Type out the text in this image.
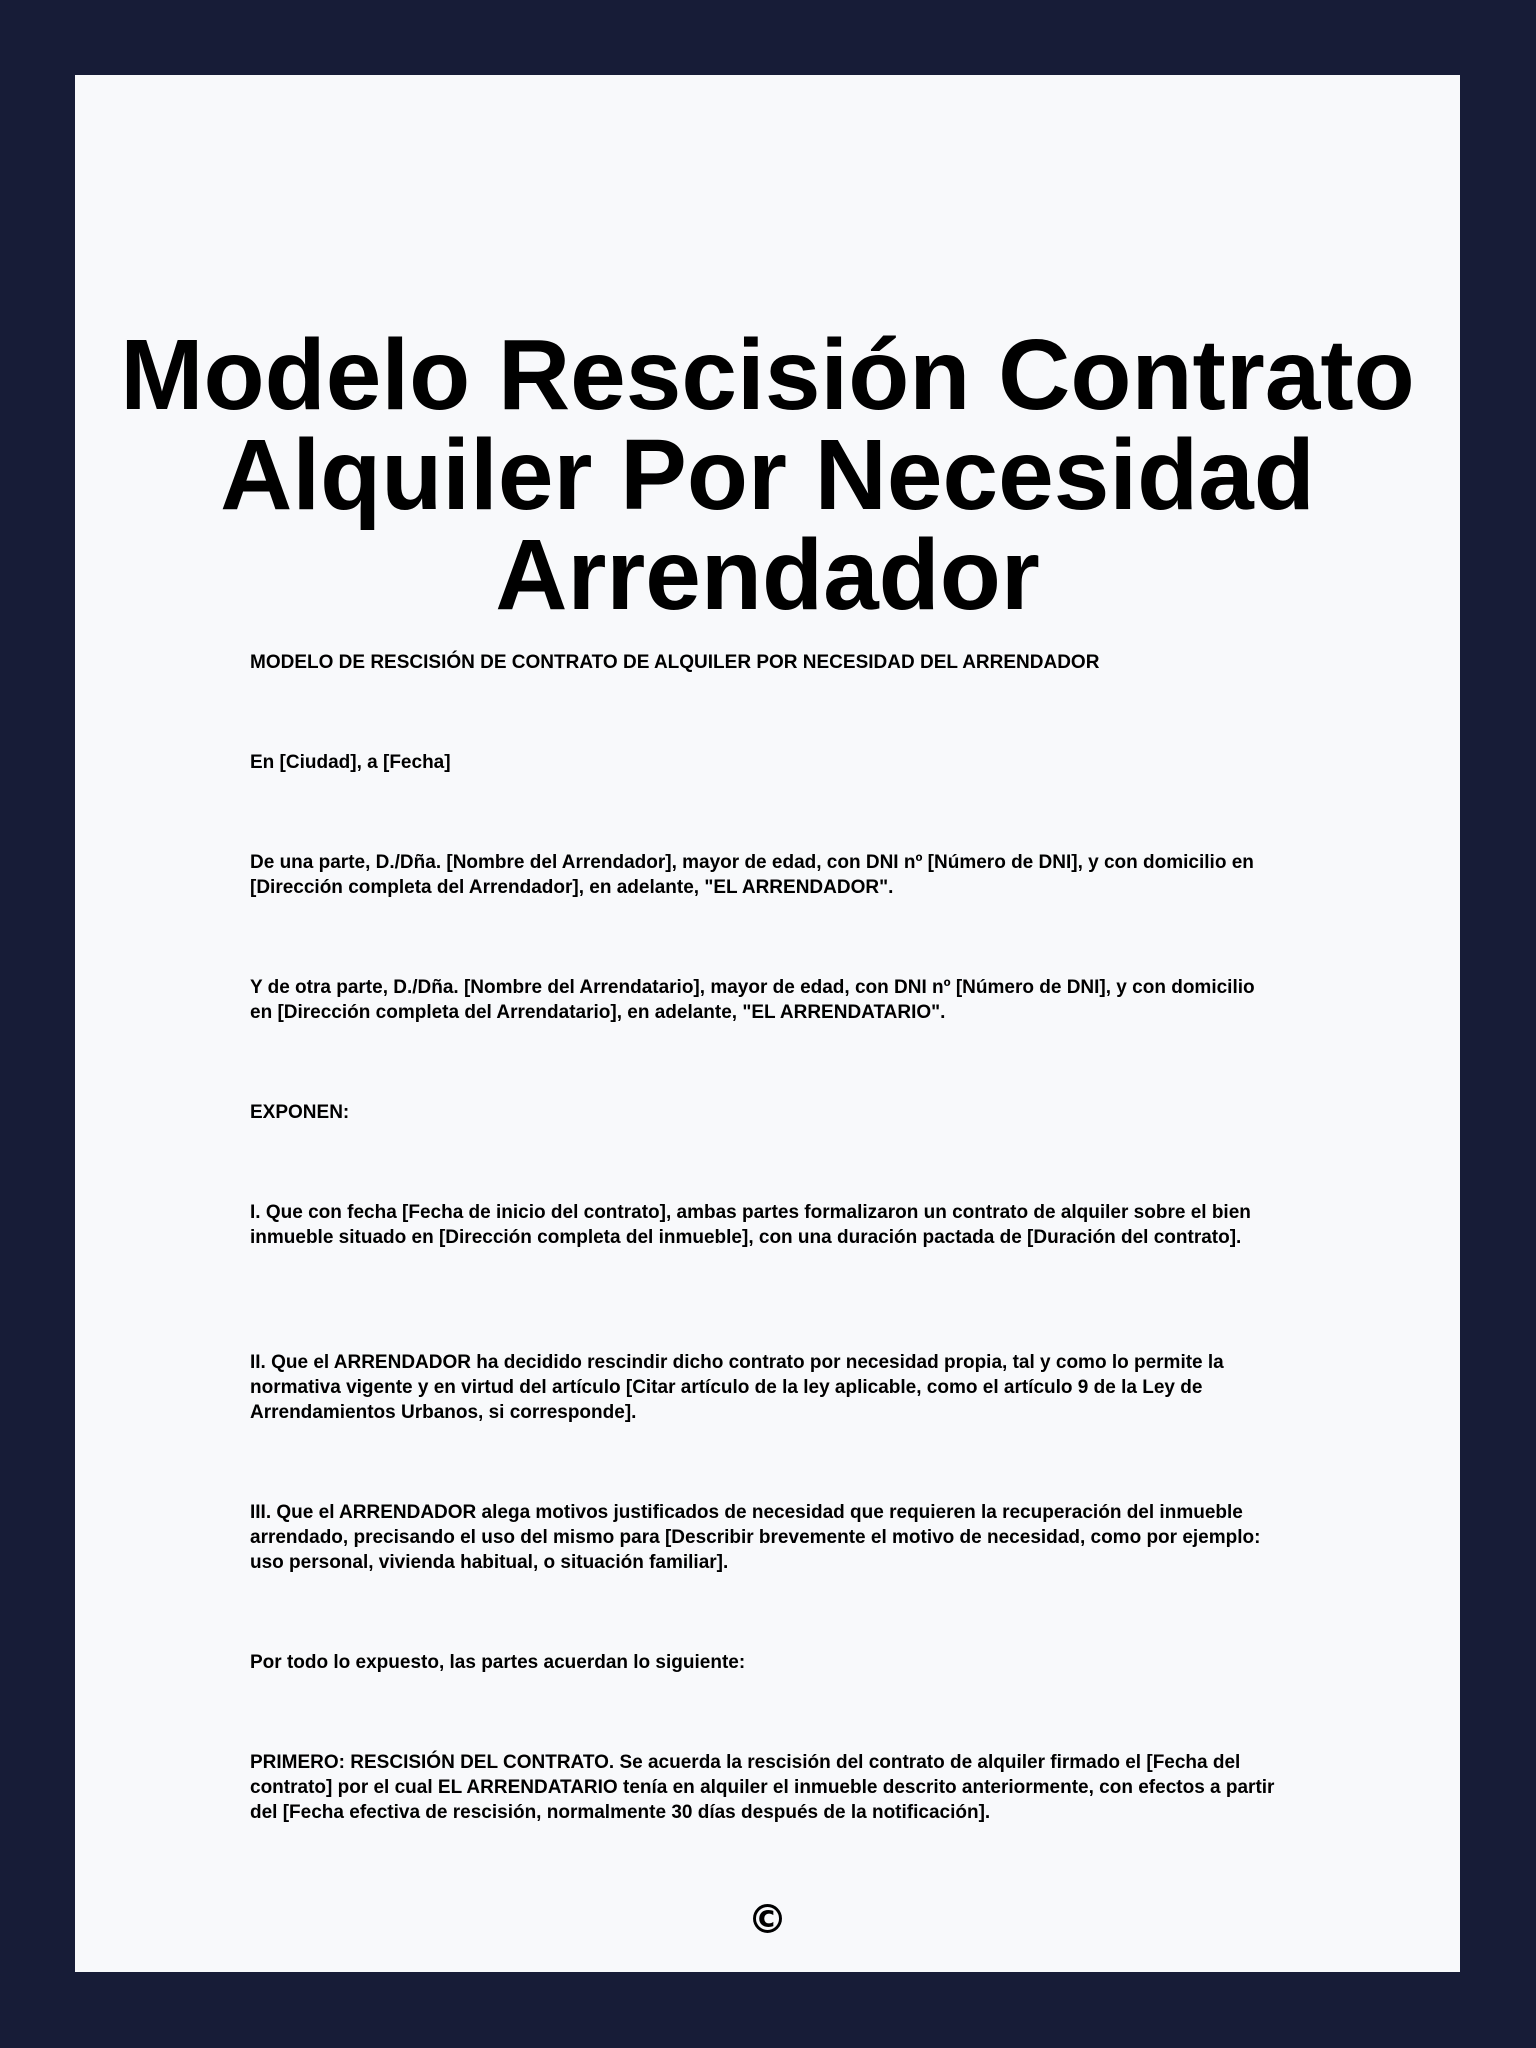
Modelo Rescisión Contrato
Alquiler Por Necesidad
Arrendador

MODELO DE RESCISIÓN DE CONTRATO DE ALQUILER POR NECESIDAD DEL ARRENDADOR

En [Ciudad], a [Fecha]

De una parte, D./Dña. [Nombre del Arrendador], mayor de edad, con DNI nº [Número de DNI], y con domicilio en [Dirección completa del Arrendador], en adelante, "EL ARRENDADOR".

Y de otra parte, D./Dña. [Nombre del Arrendatario], mayor de edad, con DNI nº [Número de DNI], y con domicilio en [Dirección completa del Arrendatario], en adelante, "EL ARRENDATARIO".

EXPONEN:

I. Que con fecha [Fecha de inicio del contrato], ambas partes formalizaron un contrato de alquiler sobre el bien inmueble situado en [Dirección completa del inmueble], con una duración pactada de [Duración del contrato].

II. Que el ARRENDADOR ha decidido rescindir dicho contrato por necesidad propia, tal y como lo permite la normativa vigente y en virtud del artículo [Citar artículo de la ley aplicable, como el artículo 9 de la Ley de Arrendamientos Urbanos, si corresponde].

III. Que el ARRENDADOR alega motivos justificados de necesidad que requieren la recuperación del inmueble arrendado, precisando el uso del mismo para [Describir brevemente el motivo de necesidad, como por ejemplo: uso personal, vivienda habitual, o situación familiar].

Por todo lo expuesto, las partes acuerdan lo siguiente:

PRIMERO: RESCISIÓN DEL CONTRATO. Se acuerda la rescisión del contrato de alquiler firmado el [Fecha del contrato] por el cual EL ARRENDATARIO tenía en alquiler el inmueble descrito anteriormente, con efectos a partir del [Fecha efectiva de rescisión, normalmente 30 días después de la notificación].

©
